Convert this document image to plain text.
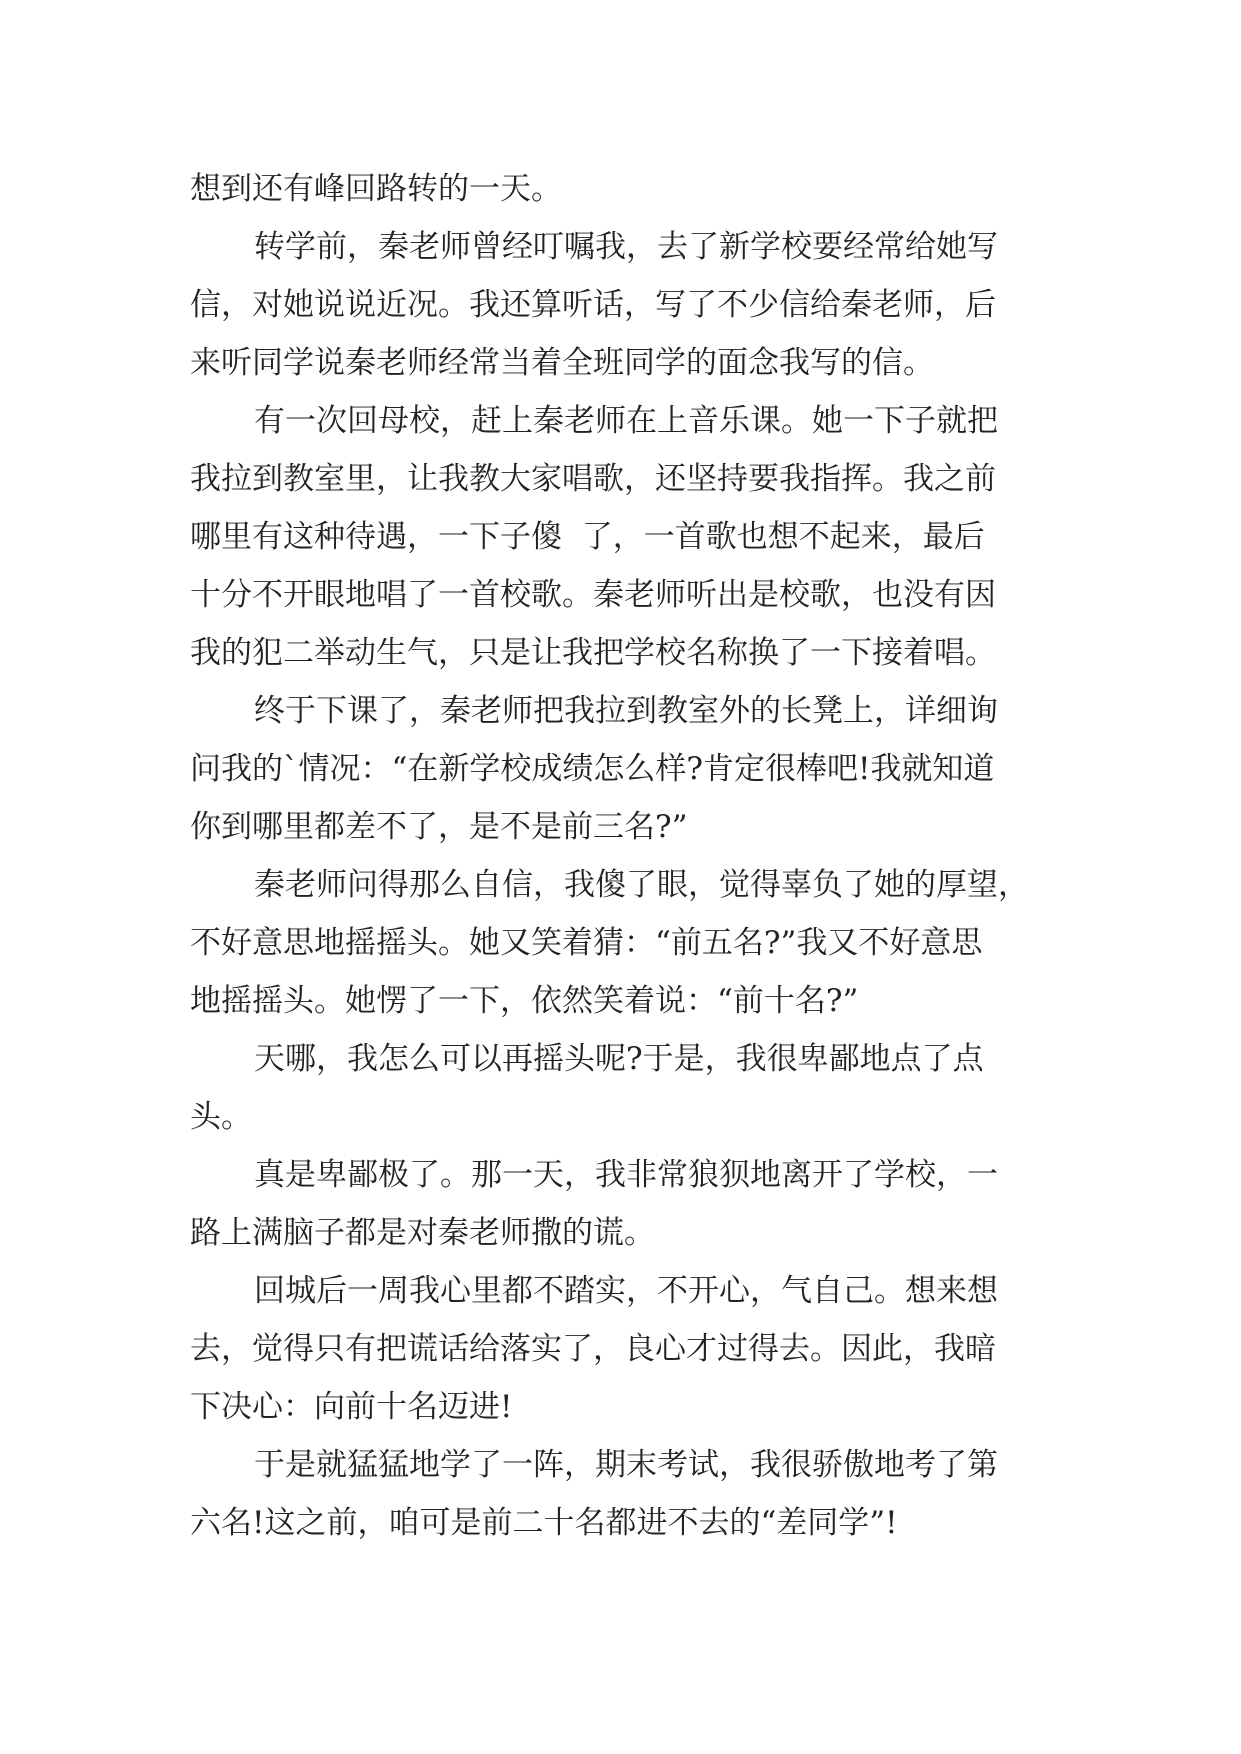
想到还有峰回路转的一天。
转学前，秦老师曾经叮嘱我，去了新学校要经常给她写
信，对她说说近况。我还算听话，写了不少信给秦老师，后
来听同学说秦老师经常当着全班同学的面念我写的信。
有一次回母校，赶上秦老师在上音乐课。她一下子就把
我拉到教室里，让我教大家唱歌，还坚持要我指挥。我之前
哪里有这种待遇，一下子傻  了，一首歌也想不起来，最后
十分不开眼地唱了一首校歌。秦老师听出是校歌，也没有因
我的犯二举动生气，只是让我把学校名称换了一下接着唱。
终于下课了，秦老师把我拉到教室外的长凳上，详细询
问我的`情况：“在新学校成绩怎么样?肯定很棒吧!我就知道
你到哪里都差不了，是不是前三名?”
秦老师问得那么自信，我傻了眼，觉得辜负了她的厚望，
不好意思地摇摇头。她又笑着猜：“前五名?”我又不好意思
地摇摇头。她愣了一下，依然笑着说：“前十名?”
天哪，我怎么可以再摇头呢?于是，我很卑鄙地点了点
头。
真是卑鄙极了。那一天，我非常狼狈地离开了学校，一
路上满脑子都是对秦老师撒的谎。
回城后一周我心里都不踏实，不开心，气自己。想来想
去，觉得只有把谎话给落实了，良心才过得去。因此，我暗
下决心：向前十名迈进!
于是就猛猛地学了一阵，期末考试，我很骄傲地考了第
六名!这之前，咱可是前二十名都进不去的“差同学”!
